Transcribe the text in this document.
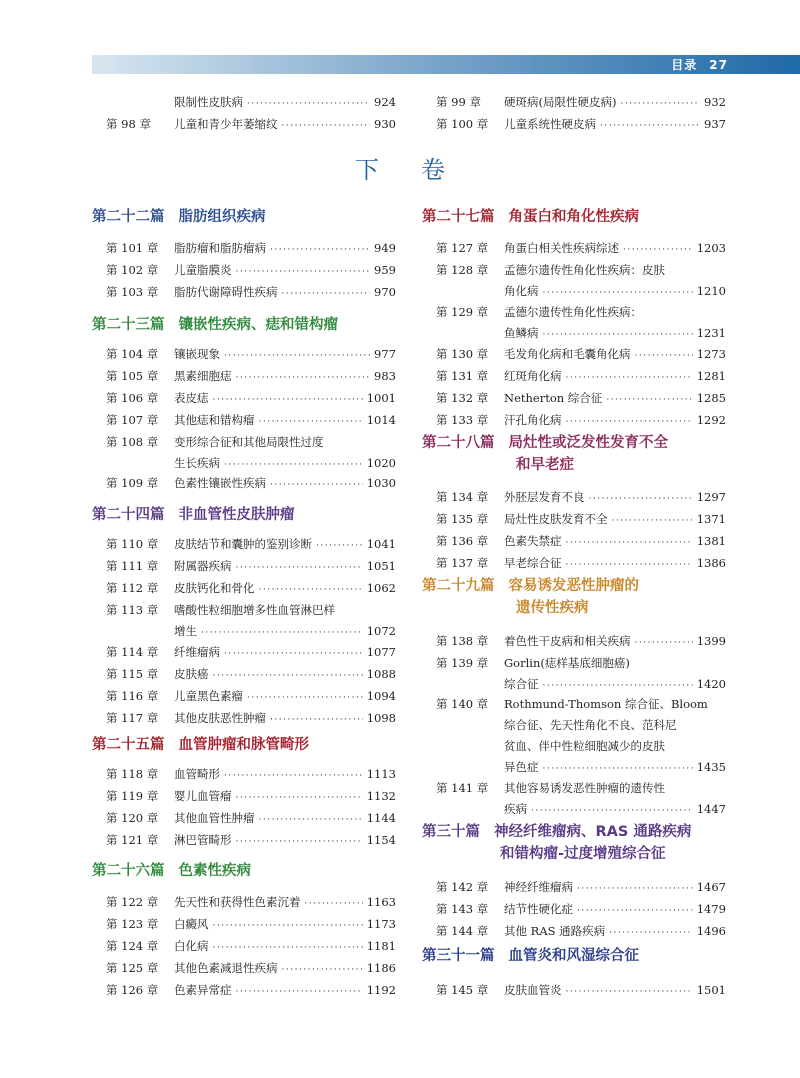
目录 27
限制性皮肤病 ·····	924
第 98 章	儿童和青少年萎缩纹 ·····	930
第 99 章	硬斑病(局限性硬皮病) ·····	932
第 100 章	儿童系统性硬皮病 ·····	937
下卷
第二十二篇 脂肪组织疾病
第二十三篇 镶嵌性疾病、痣和错构瘤
第二十四篇 非血管性皮肤肿瘤
第二十五篇 血管肿瘤和脉管畸形
第二十六篇 色素性疾病
第二十七篇 角蛋白和角化性疾病
第二十八篇 局灶性或泛发性发育不全
和早老症
第二十九篇 容易诱发恶性肿瘤的
遗传性疾病
第三十篇 神经纤维瘤病、RAS 通路疾病
和错构瘤-过度增殖综合征
第三十一篇 血管炎和风湿综合征
第 101 章	脂肪瘤和脂肪瘤病 ·····	949
第 102 章	儿童脂膜炎 ·····	959
第 103 章	脂肪代谢障碍性疾病 ·····	970
第 104 章	镶嵌现象 ·····	977
第 105 章	黑素细胞痣 ·····	983
第 106 章	表皮痣 ·····	1001
第 107 章	其他痣和错构瘤 ·····	1014
第 108 章	变形综合征和其他局限性过度
生长疾病 ·····	1020
第 109 章	色素性镶嵌性疾病 ·····	1030
第 110 章	皮肤结节和囊肿的鉴别诊断 ·····	1041
第 111 章	附属器疾病 ·····	1051
第 112 章	皮肤钙化和骨化 ·····	1062
第 113 章	嗜酸性粒细胞增多性血管淋巴样
增生 ·····	1072
第 114 章	纤维瘤病 ·····	1077
第 115 章	皮肤癌 ·····	1088
第 116 章	儿童黑色素瘤 ·····	1094
第 117 章	其他皮肤恶性肿瘤 ·····	1098
第 118 章	血管畸形 ·····	1113
第 119 章	婴儿血管瘤 ·····	1132
第 120 章	其他血管性肿瘤 ·····	1144
第 121 章	淋巴管畸形 ·····	1154
第 122 章	先天性和获得性色素沉着 ·····	1163
第 123 章	白癜风 ·····	1173
第 124 章	白化病 ·····	1181
第 125 章	其他色素减退性疾病 ·····	1186
第 126 章	色素异常症 ·····	1192
第 127 章	角蛋白相关性疾病综述 ·····	1203
第 128 章	孟德尔遗传性角化性疾病：皮肤
角化病 ·····	1210
第 129 章	孟德尔遗传性角化性疾病：
鱼鳞病 ·····	1231
第 130 章	毛发角化病和毛囊角化病 ·····	1273
第 131 章	红斑角化病 ·····	1281
第 132 章	Netherton 综合征 ·····	1285
第 133 章	汗孔角化病 ·····	1292
第 134 章	外胚层发育不良 ·····	1297
第 135 章	局灶性皮肤发育不全 ·····	1371
第 136 章	色素失禁症 ·····	1381
第 137 章	早老综合征 ·····	1386
第 138 章	着色性干皮病和相关疾病 ·····	1399
第 139 章	Gorlin(痣样基底细胞癌)
综合征 ·····	1420
第 140 章	Rothmund-Thomson 综合征、Bloom
综合征、先天性角化不良、范科尼
贫血、伴中性粒细胞减少的皮肤
异色症 ·····	1435
第 141 章	其他容易诱发恶性肿瘤的遗传性
疾病 ·····	1447
第 142 章	神经纤维瘤病 ·····	1467
第 143 章	结节性硬化症 ·····	1479
第 144 章	其他 RAS 通路疾病 ·····	1496
第 145 章	皮肤血管炎 ·····	1501
